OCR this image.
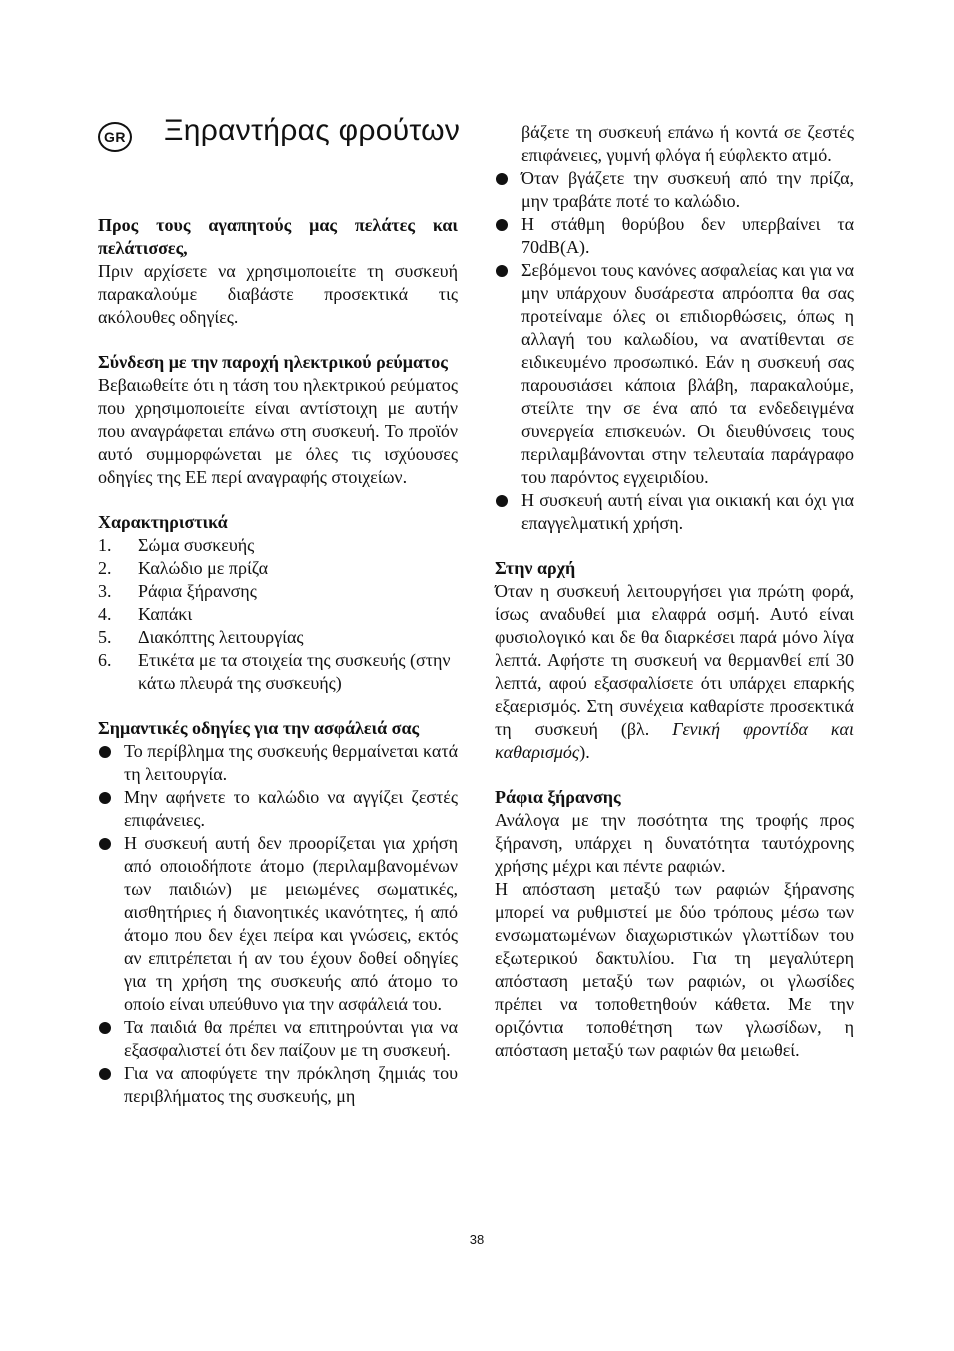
GR Ξηραντήρας φρούτων
Προς τους αγαπητούς μας πελάτες και πελάτισσες,
Πριν αρχίσετε να χρησιμοποιείτε τη συσκευή παρακαλούμε διαβάστε προσεκτικά τις ακόλουθες οδηγίες.
Σύνδεση με την παροχή ηλεκτρικού ρεύματος
Βεβαιωθείτε ότι η τάση του ηλεκτρικού ρεύματος που χρησιμοποιείτε είναι αντίστοιχη με αυτήν που αναγράφεται επάνω στη συσκευή. Το προϊόν αυτό συμμορφώνεται με όλες τις ισχύουσες οδηγίες της ΕΕ περί αναγραφής στοιχείων.
Χαρακτηριστικά
1.	Σώμα συσκευής
2.	Καλώδιο με πρίζα
3.	Ράφια ξήρανσης
4.	Καπάκι
5.	Διακόπτης λειτουργίας
6.	Ετικέτα με τα στοιχεία της συσκευής (στην κάτω πλευρά της συσκευής)
Σημαντικές οδηγίες για την ασφάλειά σας
Το περίβλημα της συσκευής θερμαίνεται κατά τη λειτουργία.
Μην αφήνετε το καλώδιο να αγγίζει ζεστές επιφάνειες.
Η συσκευή αυτή δεν προορίζεται για χρήση από οποιοδήποτε άτομο (περιλαμβανομένων των παιδιών) με μειωμένες σωματικές, αισθητήριες ή διανοητικές ικανότητες, ή από άτομο που δεν έχει πείρα και γνώσεις, εκτός αν επιτρέπεται ή αν του έχουν δοθεί οδηγίες για τη χρήση της συσκευής από άτομο το οποίο είναι υπεύθυνο για την ασφάλειά του.
Τα παιδιά θα πρέπει να επιτηρούνται για να εξασφαλιστεί ότι δεν παίζουν με τη συσκευή.
Για να αποφύγετε την πρόκληση ζημιάς του περιβλήματος της συσκευής, μη
βάζετε τη συσκευή επάνω ή κοντά σε ζεστές επιφάνειες, γυμνή φλόγα ή εύφλεκτο ατμό.
Όταν βγάζετε την συσκευή από την πρίζα, μην τραβάτε ποτέ το καλώδιο.
Η στάθμη θορύβου δεν υπερβαίνει τα 70dB(A).
Σεβόμενοι τους κανόνες ασφαλείας και για να μην υπάρχουν δυσάρεστα απρόοπτα θα σας προτείναμε όλες οι επιδιορθώσεις, όπως η αλλαγή του καλωδίου, να ανατίθενται σε ειδικευμένο προσωπικό. Εάν η συσκευή σας παρουσιάσει κάποια βλάβη, παρακαλούμε, στείλτε την σε ένα από τα ενδεδειγμένα συνεργεία επισκευών. Οι διευθύνσεις τους περιλαμβάνονται στην τελευταία παράγραφο του παρόντος εγχειριδίου.
Η συσκευή αυτή είναι για οικιακή και όχι για επαγγελματική χρήση.
Στην αρχή
Όταν η συσκευή λειτουργήσει για πρώτη φορά, ίσως αναδυθεί μια ελαφρά οσμή. Αυτό είναι φυσιολογικό και δε θα διαρκέσει παρά μόνο λίγα λεπτά. Αφήστε τη συσκευή να θερμανθεί επί 30 λεπτά, αφού εξασφαλίσετε ότι υπάρχει επαρκής εξαερισμός. Στη συνέχεια καθαρίστε προσεκτικά τη συσκευή (βλ. Γενική φροντίδα και καθαρισμός).
Ράφια ξήρανσης
Ανάλογα με την ποσότητα της τροφής προς ξήρανση, υπάρχει η δυνατότητα ταυτόχρονης χρήσης μέχρι και πέντε ραφιών.
Η απόσταση μεταξύ των ραφιών ξήρανσης μπορεί να ρυθμιστεί με δύο τρόπους μέσω των ενσωματωμένων διαχωριστικών γλωττίδων του εξωτερικού δακτυλίου. Για τη μεγαλύτερη απόσταση μεταξύ των ραφιών, οι γλωσίδες πρέπει να τοποθετηθούν κάθετα. Με την οριζόντια τοποθέτηση των γλωσίδων, η απόσταση μεταξύ των ραφιών θα μειωθεί.
38
